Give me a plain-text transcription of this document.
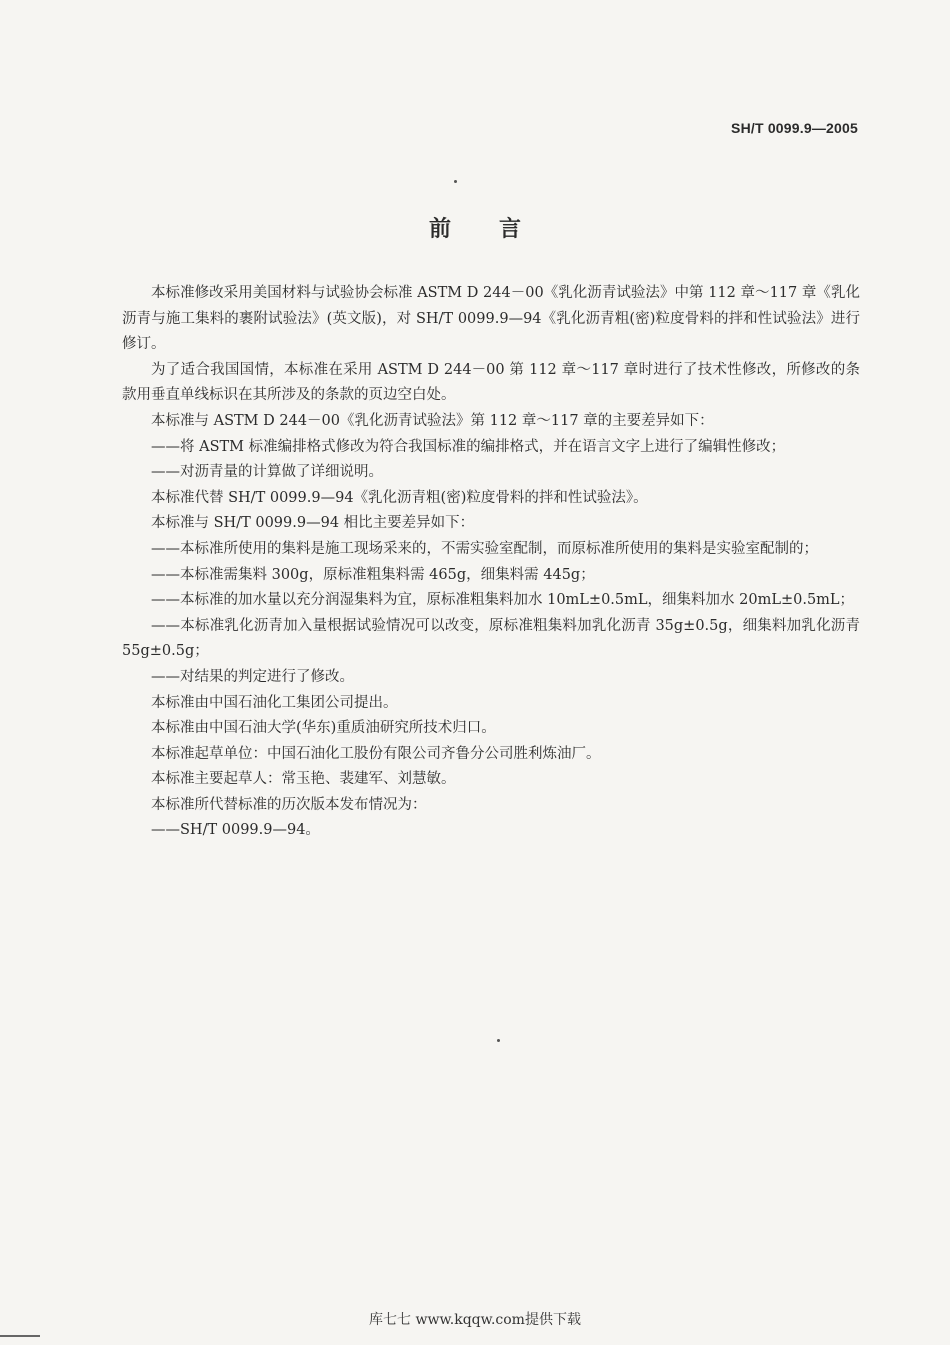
SH/T 0099.9—2005
前言

本标准修改采用美国材料与试验协会标准 ASTM D 244－00《乳化沥青试验法》中第 112 章～117 章《乳化沥青与施工集料的裹附试验法》(英文版)，对 SH/T 0099.9—94《乳化沥青粗(密)粒度骨料的拌和性试验法》进行修订。

为了适合我国国情，本标准在采用 ASTM D 244－00 第 112 章～117 章时进行了技术性修改，所修改的条款用垂直单线标识在其所涉及的条款的页边空白处。

本标准与 ASTM D 244－00《乳化沥青试验法》第 112 章～117 章的主要差异如下：

——将 ASTM 标准编排格式修改为符合我国标准的编排格式，并在语言文字上进行了编辑性修改；

——对沥青量的计算做了详细说明。

本标准代替 SH/T 0099.9—94《乳化沥青粗(密)粒度骨料的拌和性试验法》。

本标准与 SH/T 0099.9—94 相比主要差异如下：

——本标准所使用的集料是施工现场采来的，不需实验室配制，而原标准所使用的集料是实验室配制的；

——本标准需集料 300g，原标准粗集料需 465g，细集料需 445g；

——本标准的加水量以充分润湿集料为宜，原标准粗集料加水 10mL±0.5mL，细集料加水 20mL±0.5mL；

——本标准乳化沥青加入量根据试验情况可以改变，原标准粗集料加乳化沥青 35g±0.5g，细集料加乳化沥青 55g±0.5g；

——对结果的判定进行了修改。

本标准由中国石油化工集团公司提出。

本标准由中国石油大学(华东)重质油研究所技术归口。

本标准起草单位：中国石油化工股份有限公司齐鲁分公司胜利炼油厂。

本标准主要起草人：常玉艳、裴建军、刘慧敏。

本标准所代替标准的历次版本发布情况为：

——SH/T 0099.9—94。

库七七 www.kqqw.com提供下载
